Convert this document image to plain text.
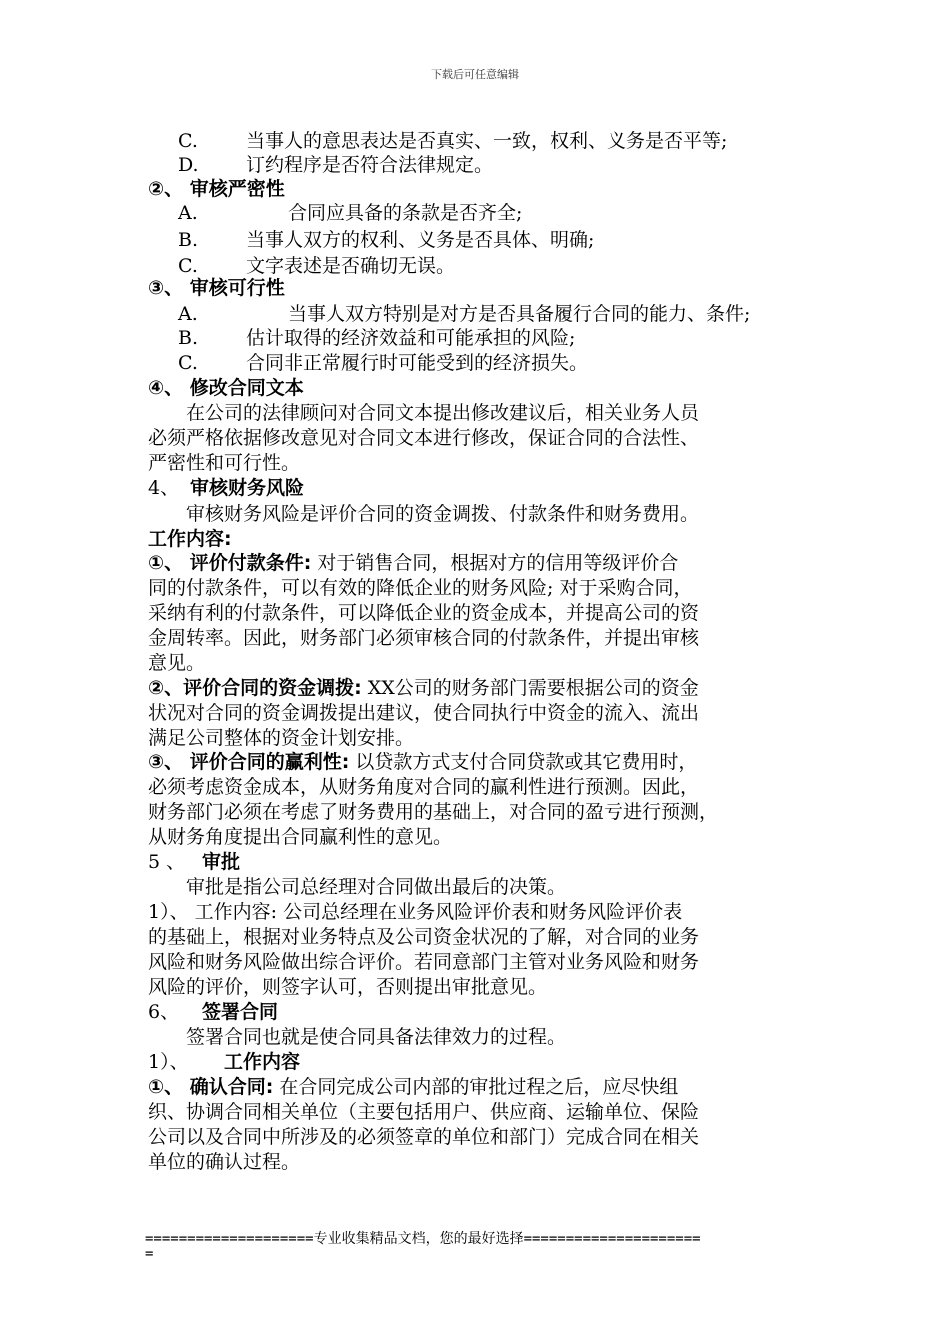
下载后可任意编辑
C.	当事人的意思表达是否真实、一致，权利、义务是否平等;
D. 订约程序是否符合法律规定。
②、 审核严密性
A.	合同应具备的条款是否齐全;
B.	当事人双方的权利、义务是否具体、明确;
C.	文字表述是否确切无误。
③、 审核可行性
A.	当事人双方特别是对方是否具备履行合同的能力、条件;
B.	估计取得的经济效益和可能承担的风险;
C.	合同非正常履行时可能受到的经济损失。
④、 修改合同文本
在公司的法律顾问对合同文本提出修改建议后，相关业务人员
必须严格依据修改意见对合同文本进行修改，保证合同的合法性、
严密性和可行性。
4、 审核财务风险
审核财务风险是评价合同的资金调拨、付款条件和财务费用。
工作内容:
①、 评价付款条件: 对于销售合同，根据对方的信用等级评价合
同的付款条件，可以有效的降低企业的财务风险; 对于采购合同，
采纳有利的付款条件，可以降低企业的资金成本，并提高公司的资
金周转率。因此，财务部门必须审核合同的付款条件，并提出审核
意见。
②、评价合同的资金调拨: XX公司的财务部门需要根据公司的资金
状况对合同的资金调拨提出建议，使合同执行中资金的流入、流出
满足公司整体的资金计划安排。
③、 评价合同的赢利性: 以贷款方式支付合同贷款或其它费用时，
必须考虑资金成本，从财务角度对合同的赢利性进行预测。因此，
财务部门必须在考虑了财务费用的基础上，对合同的盈亏进行预测，
从财务角度提出合同赢利性的意见。
5 、 审批
审批是指公司总经理对合同做出最后的决策。
1）、 工作内容: 公司总经理在业务风险评价表和财务风险评价表
的基础上，根据对业务特点及公司资金状况的了解，对合同的业务
风险和财务风险做出综合评价。若同意部门主管对业务风险和财务
风险的评价，则签字认可，否则提出审批意见。
6、 签署合同
签署合同也就是使合同具备法律效力的过程。
1）、 工作内容
①、 确认合同: 在合同完成公司内部的审批过程之后，应尽快组
织、协调合同相关单位（主要包括用户、供应商、运输单位、保险
公司以及合同中所涉及的必须签章的单位和部门）完成合同在相关
单位的确认过程。
====================专业收集精品文档，您的最好选择=====================
=
